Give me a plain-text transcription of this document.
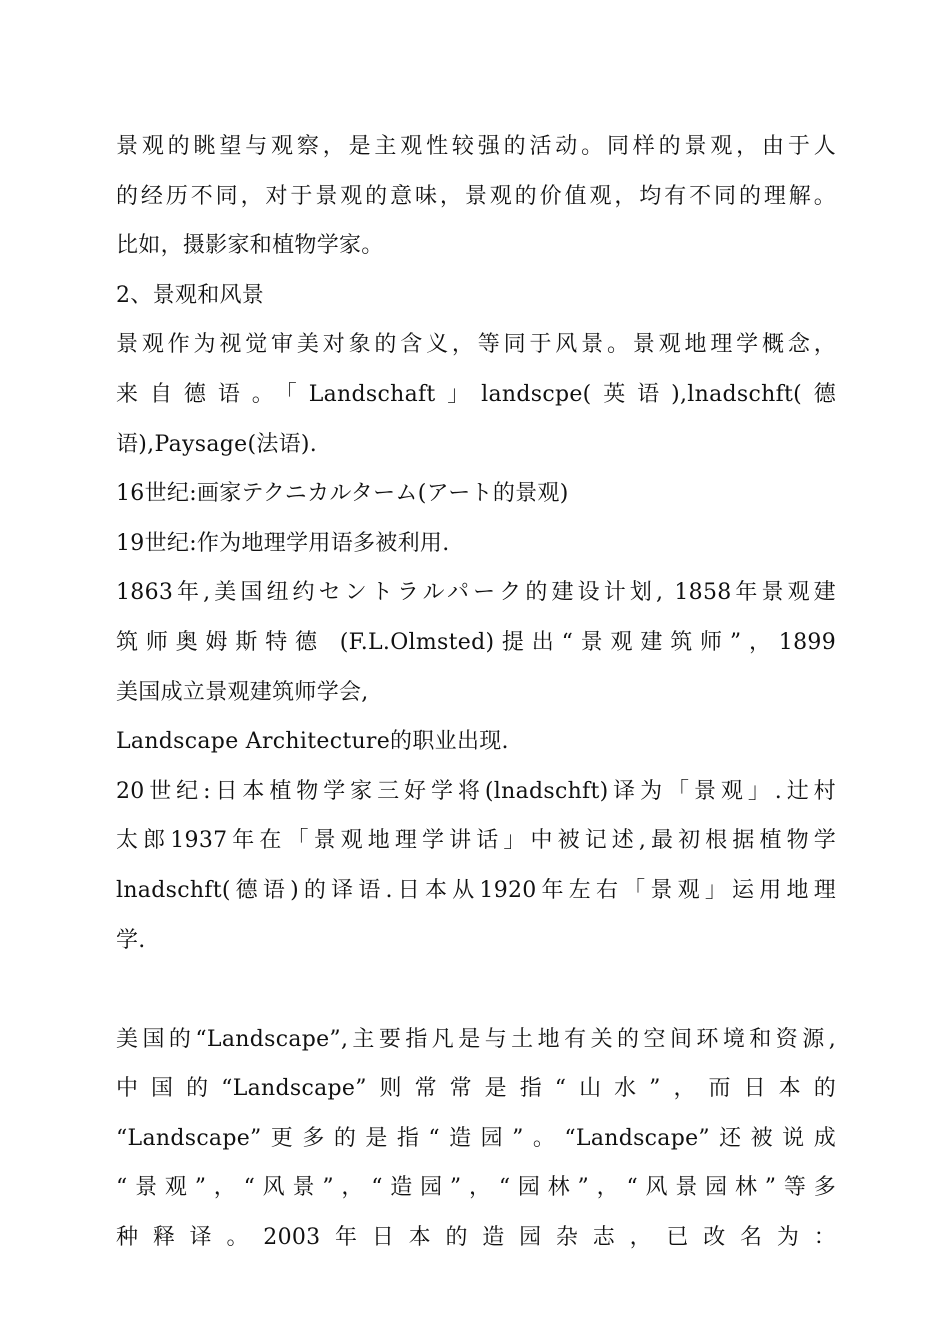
景观的眺望与观察，是主观性较强的活动。同样的景观，由于人
的经历不同，对于景观的意味，景观的价值观，均有不同的理解。
比如，摄影家和植物学家。
2、景观和风景
景观作为视觉审美对象的含义，等同于风景。景观地理学概念，
来自德语。「Landschaft」landscpe(英语),lnadschft(德
语),Paysage(法语).
16世纪:画家テクニカルターム(アート的景观)
19世纪:作为地理学用语多被利用.
1863年,美国纽约セントラルパーク的建设计划, 1858年景观建
筑师奥姆斯特德 (F.L.Olmsted)提出“景观建筑师”，1899
美国成立景观建筑师学会,
Landscape Architecture的职业出现.
20世纪:日本植物学家三好学将(lnadschft)译为「景观」.辻村
太郎1937年在「景观地理学讲话」中被记述,最初根据植物学
lnadschft(德语)的译语.日本从1920年左右「景观」运用地理
学.
美国的“Landscape”,主要指凡是与土地有关的空间环境和资源,
中国的“Landscape”则常常是指“山水”，而日本的
“Landscape”更多的是指“造园”。“Landscape”还被说成
“景观”，“风景”，“造园”，“园林”，“风景园林”等多
种释译。2003年日本的造园杂志，已改名为：
